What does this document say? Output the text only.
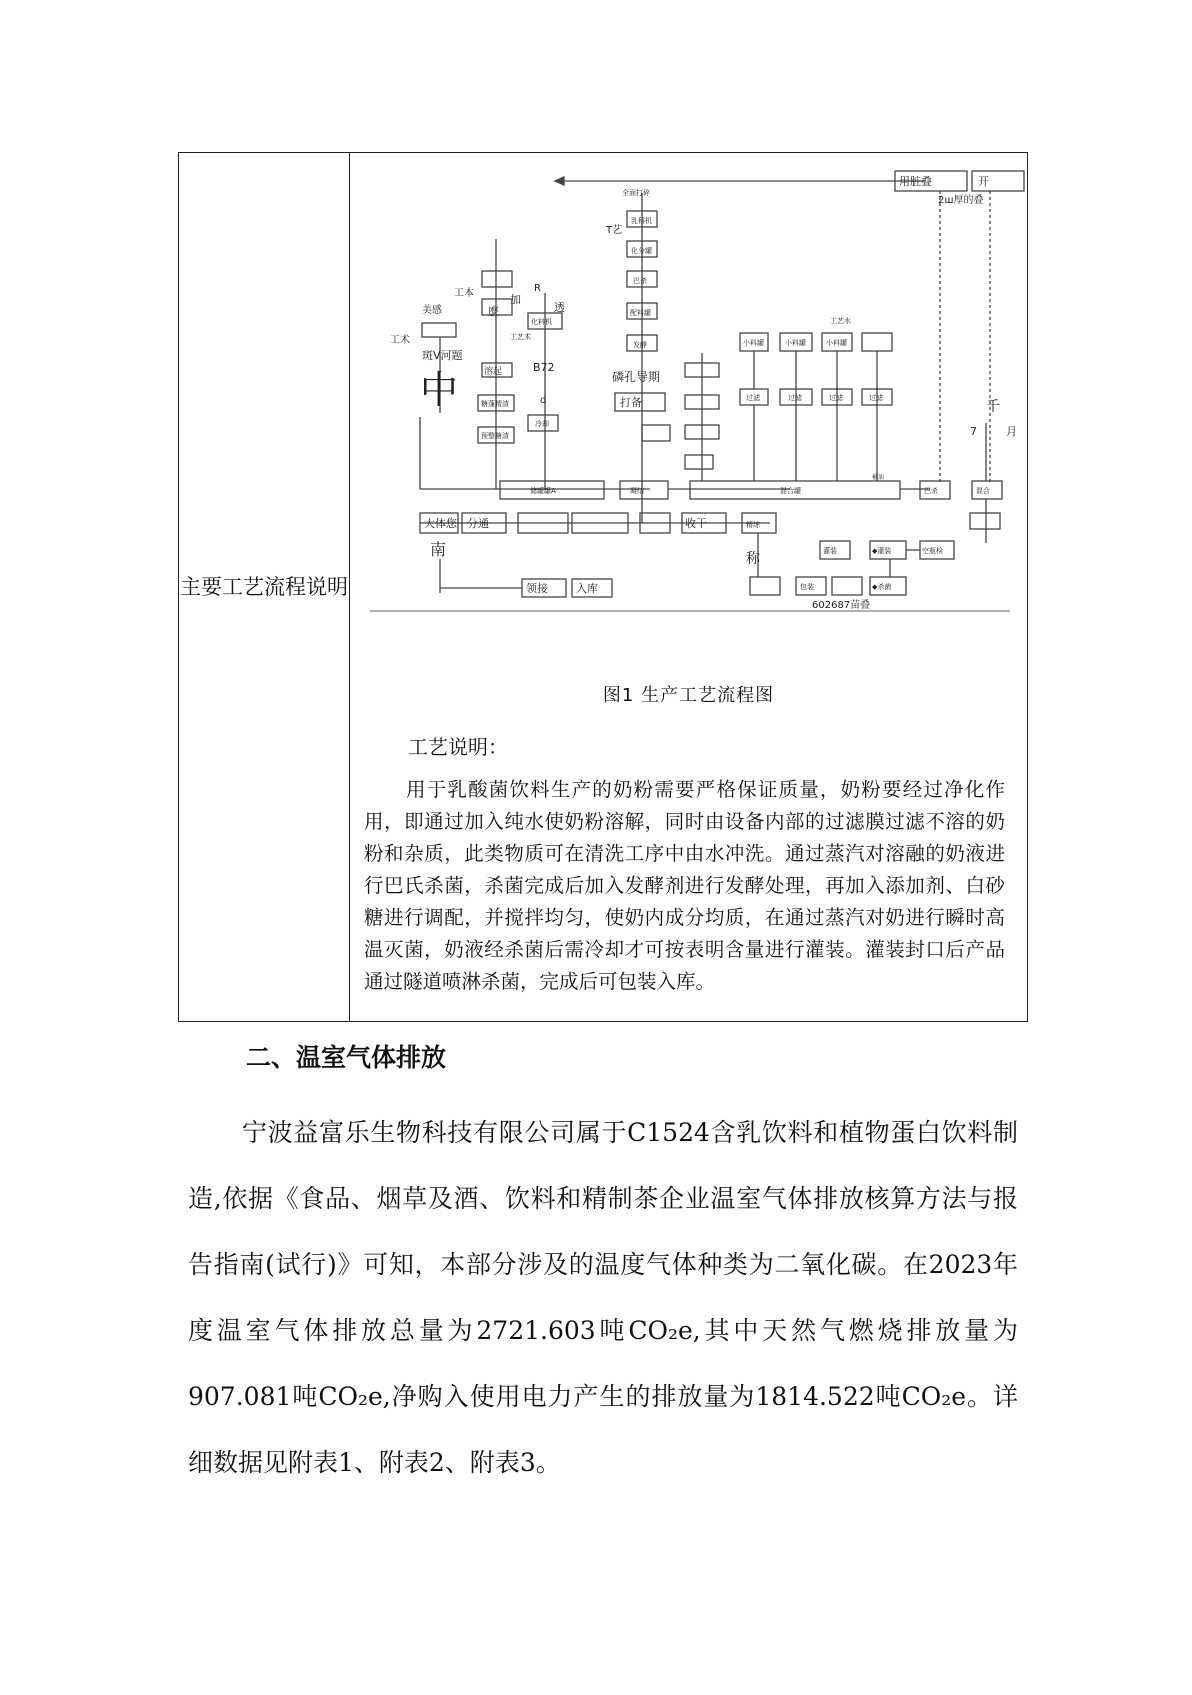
主要工艺流程说明	
用脏叠	开
2ш厚的叠
全面打碎
T艺
乳科机
化分罐
巴杀
配料罐
发酵
磷孔导期
打备
工本	加
麽
美感
工术
斑V河题
中
R
透
工艺术
化料机
B72
d
冷却
溶起
糖蓬精渣
预整糖渣
小料罐	小料罐	小料罐
过滤	过滤	过滤	过滤
工艺水
储罐罐A	凝结	混合罐	巴杀	混合
桶油
千
7	月
大体您
南
分通	收干
称
精练
领接	入库
602687苗叠
灌装	◆灌装
◆杀菌
包装
空瓶检
图1 生产工艺流程图
工艺说明：
用于乳酸菌饮料生产的奶粉需要严格保证质量，奶粉要经过净化作用，即通过加入纯水使奶粉溶解，同时由设备内部的过滤膜过滤不溶的奶粉和杂质，此类物质可在清洗工序中由水冲洗。通过蒸汽对溶融的奶液进行巴氏杀菌，杀菌完成后加入发酵剂进行发酵处理，再加入添加剂、白砂糖进行调配，并搅拌均匀，使奶内成分均质，在通过蒸汽对奶进行瞬时高温灭菌，奶液经杀菌后需冷却才可按表明含量进行灌装。灌装封口后产品通过隧道喷淋杀菌，完成后可包装入库。
二、温室气体排放
宁波益富乐生物科技有限公司属于C1524含乳饮料和植物蛋白饮料制造,依据《食品、烟草及酒、饮料和精制茶企业温室气体排放核算方法与报告指南(试行)》可知，本部分涉及的温度气体种类为二氧化碳。在2023年度温室气体排放总量为2721.603吨CO₂e,其中天然气燃烧排放量为907.081吨CO₂e,净购入使用电力产生的排放量为1814.522吨CO₂e。详细数据见附表1、附表2、附表3。
